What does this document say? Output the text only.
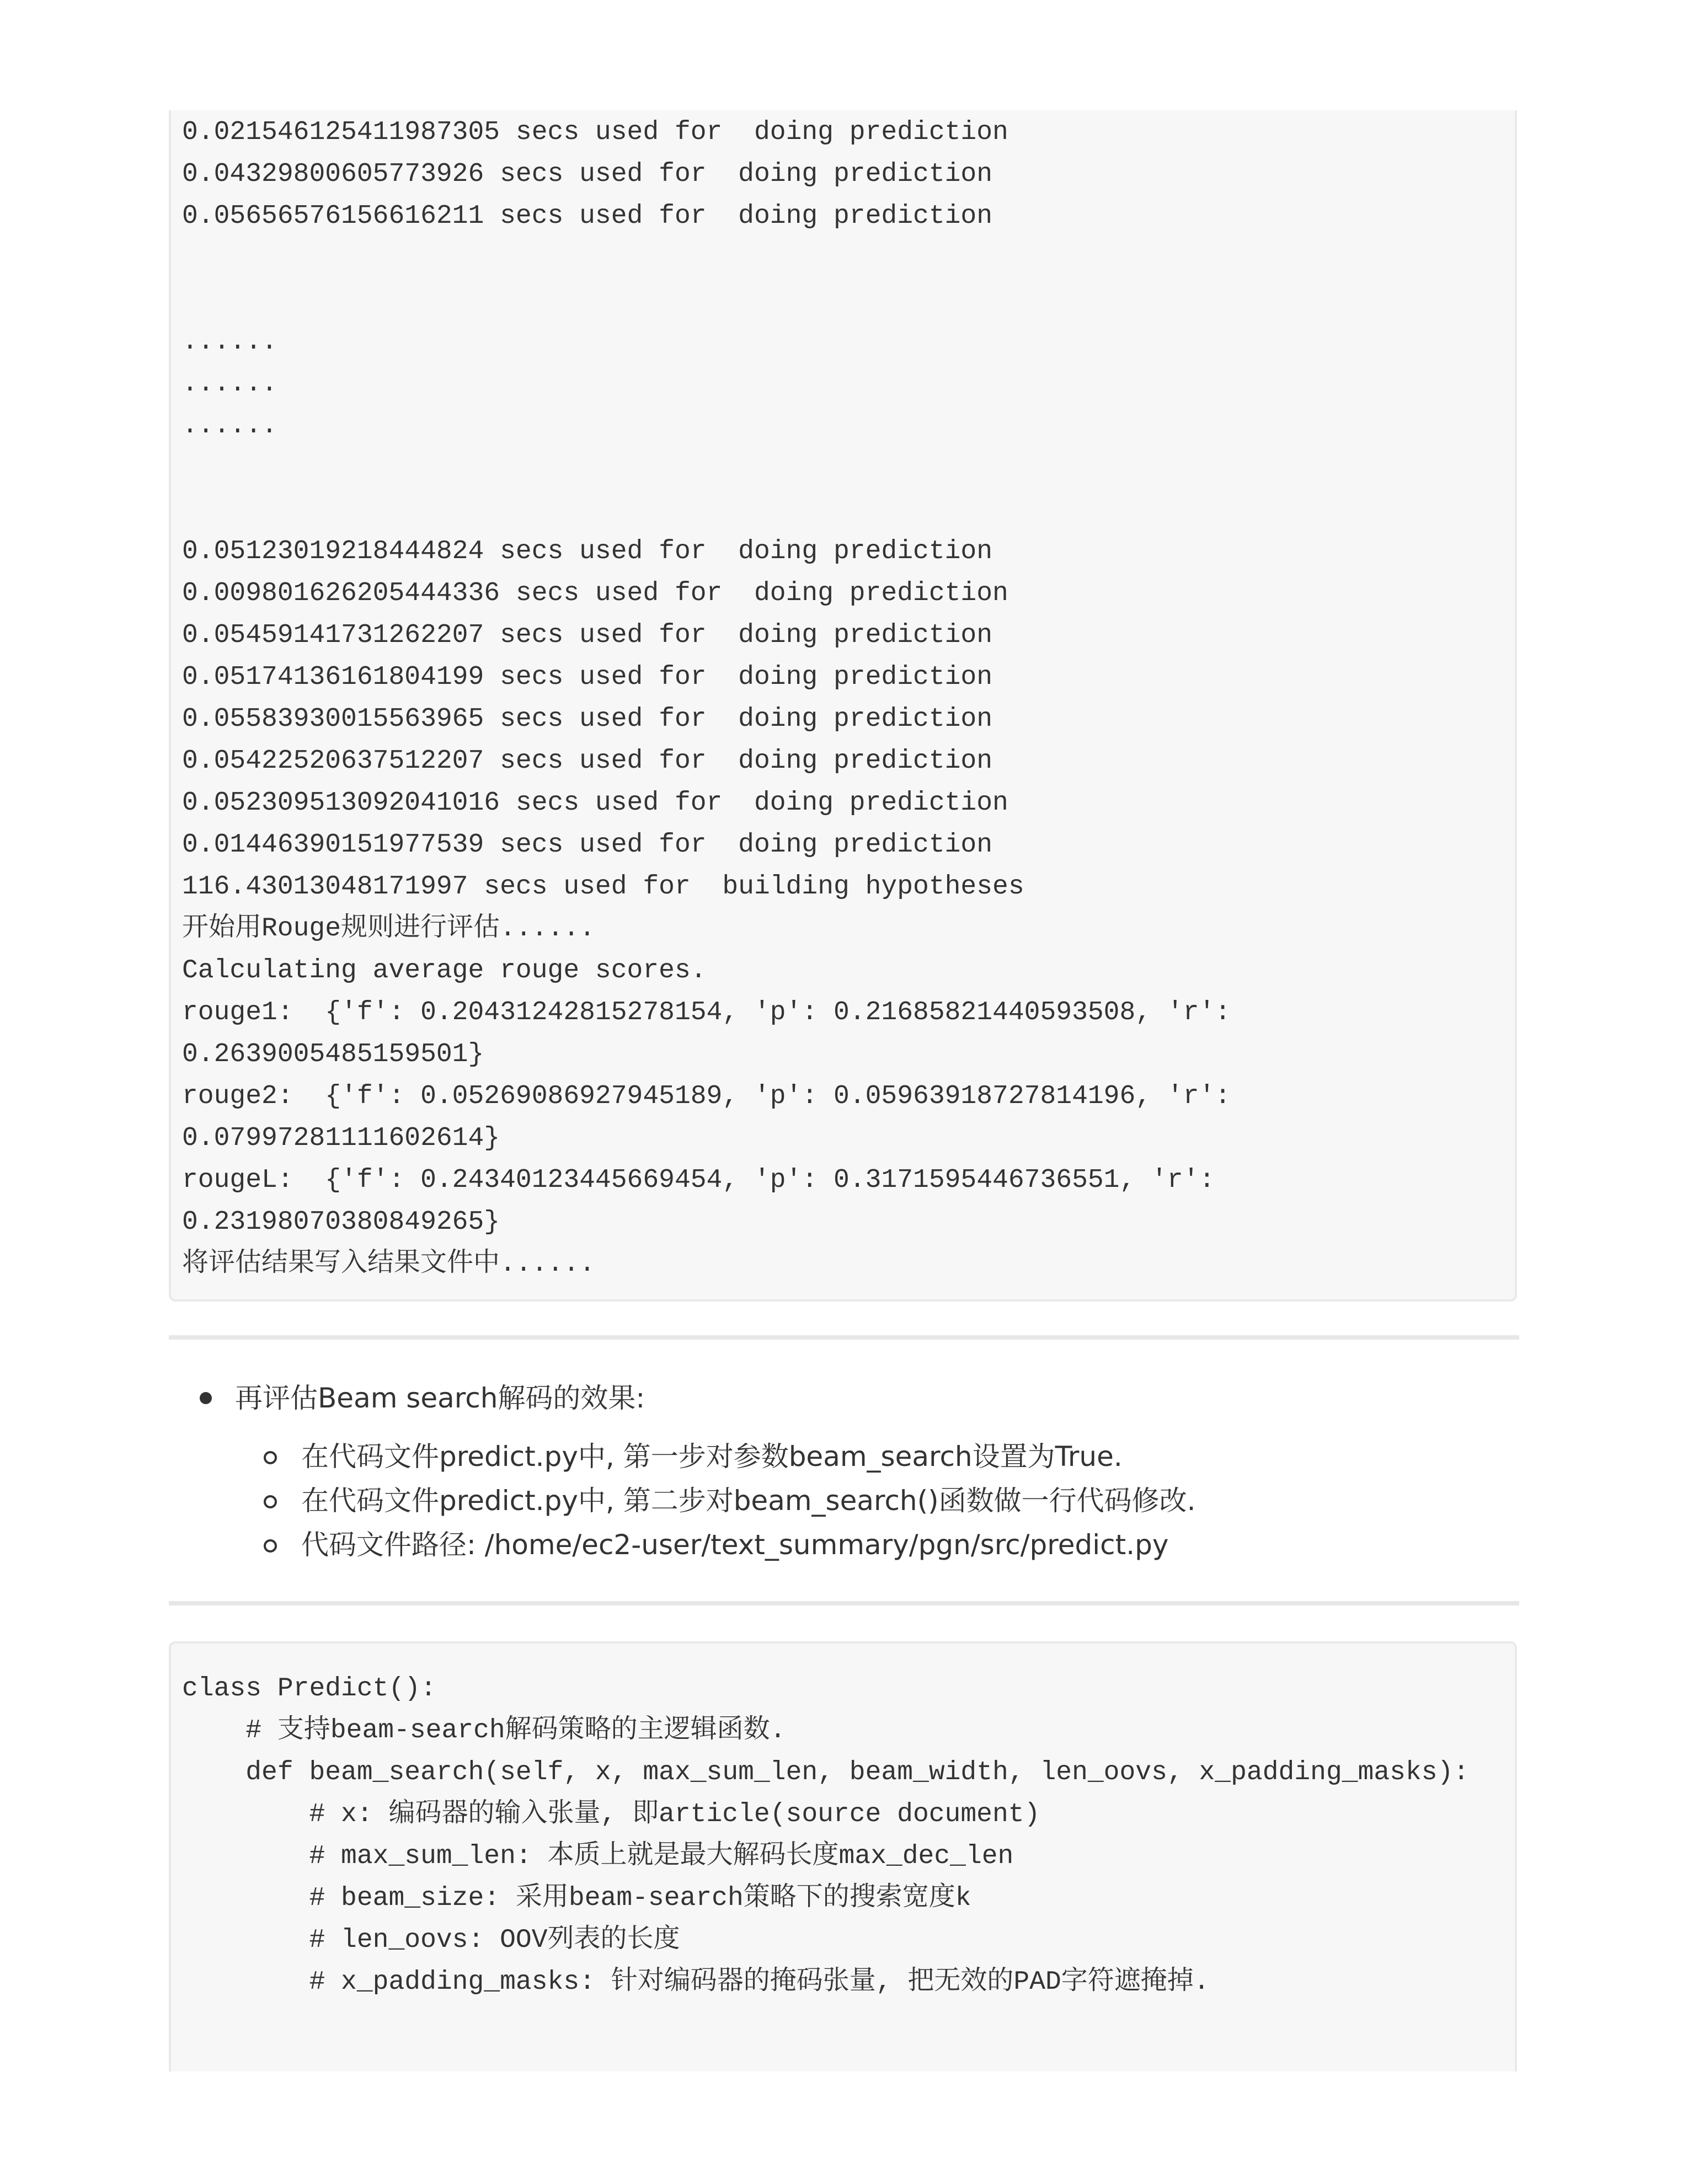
0.021546125411987305 secs used for  doing prediction
0.04329800605773926 secs used for  doing prediction
0.05656576156616211 secs used for  doing prediction
......
......
......
0.05123019218444824 secs used for  doing prediction
0.009801626205444336 secs used for  doing prediction
0.05459141731262207 secs used for  doing prediction
0.05174136161804199 secs used for  doing prediction
0.05583930015563965 secs used for  doing prediction
0.05422520637512207 secs used for  doing prediction
0.052309513092041016 secs used for  doing prediction
0.01446390151977539 secs used for  doing prediction
116.43013048171997 secs used for  building hypotheses
开始用Rouge规则进行评估......
Calculating average rouge scores.
rouge1:  {'f': 0.20431242815278154, 'p': 0.21685821440593508, 'r':
0.2639005485159501}
rouge2:  {'f': 0.05269086927945189, 'p': 0.05963918727814196, 'r':
0.07997281111602614}
rougeL:  {'f': 0.24340123445669454, 'p': 0.3171595446736551, 'r':
0.23198070380849265}
将评估结果写入结果文件中......
再评估Beam search解码的效果:
在代码文件predict.py中, 第一步对参数beam_search设置为True.
在代码文件predict.py中, 第二步对beam_search()函数做一行代码修改.
代码文件路径: /home/ec2-user/text_summary/pgn/src/predict.py
class Predict():
# 支持beam-search解码策略的主逻辑函数.
def beam_search(self, x, max_sum_len, beam_width, len_oovs, x_padding_masks):
# x: 编码器的输入张量, 即article(source document)
# max_sum_len: 本质上就是最大解码长度max_dec_len
# beam_size: 采用beam-search策略下的搜索宽度k
# len_oovs: OOV列表的长度
# x_padding_masks: 针对编码器的掩码张量, 把无效的PAD字符遮掩掉.
